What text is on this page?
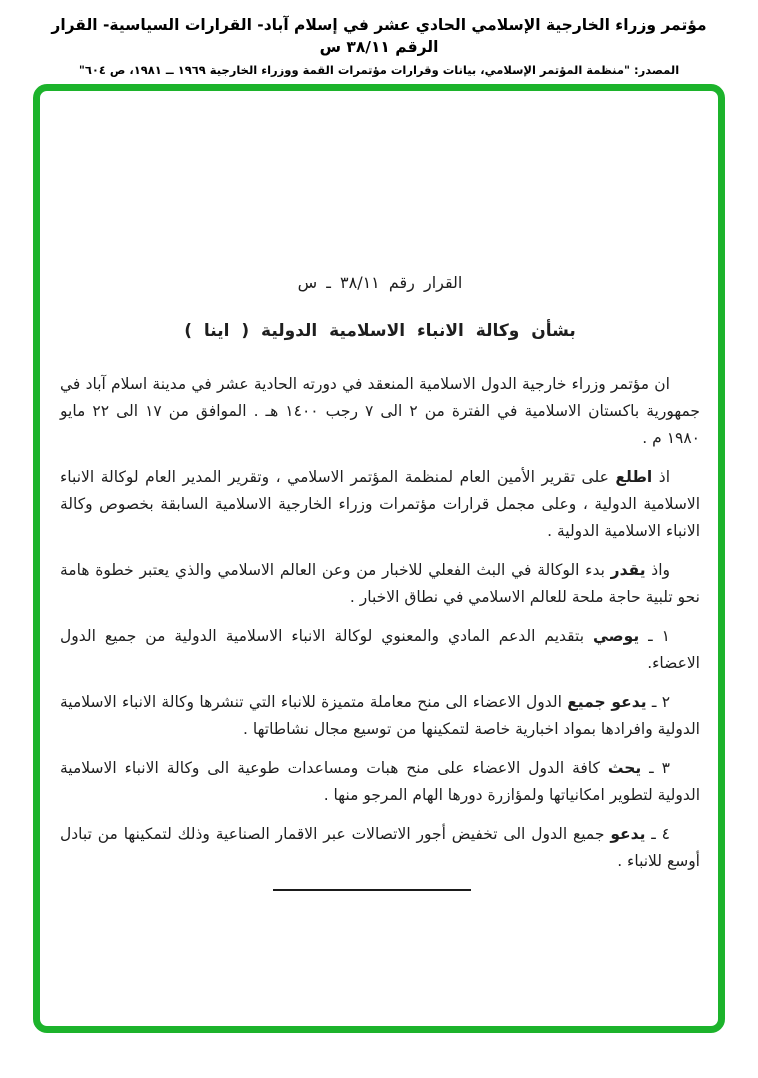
مؤتمر وزراء الخارجية الإسلامي الحادي عشر في إسلام آباد- القرارات السياسية- القرار الرقم ٣٨/١١ س
المصدر: "منظمة المؤتمر الإسلامي، بيانات وقرارات مؤتمرات القمة ووزراء الخارجية ١٩٦٩ ــ ١٩٨١، ص ٦٠٤"
القرار رقم ٣٨/١١ ـ س
بشأن وكالة الانباء الاسلامية الدولية ( اينا )

ان مؤتمر وزراء خارجية الدول الاسلامية المنعقد في دورته الحادية عشر في مدينة اسلام آباد في جمهورية باكستان الاسلامية في الفترة من ٢ الى ٧ رجب ١٤٠٠ هـ . الموافق من ١٧ الى ٢٢ مايو ١٩٨٠ م .

اذ اطلع على تقرير الأمين العام لمنظمة المؤتمر الاسلامي ، وتقرير المدير العام لوكالة الانباء الاسلامية الدولية ، وعلى مجمل قرارات مؤتمرات وزراء الخارجية الاسلامية السابقة بخصوص وكالة الانباء الاسلامية الدولية .

واذ يقدر بدء الوكالة في البث الفعلي للاخبار من وعن العالم الاسلامي والذي يعتبر خطوة هامة نحو تلبية حاجة ملحة للعالم الاسلامي في نطاق الاخبار .

١ ـ يوصي بتقديم الدعم المادي والمعنوي لوكالة الانباء الاسلامية الدولية من جميع الدول الاعضاء.

٢ ـ يدعو جميع الدول الاعضاء الى منح معاملة متميزة للانباء التي تنشرها وكالة الانباء الاسلامية الدولية وافرادها بمواد اخبارية خاصة لتمكينها من توسيع مجال نشاطاتها .

٣ ـ يحث كافة الدول الاعضاء على منح هبات ومساعدات طوعية الى وكالة الانباء الاسلامية الدولية لتطوير امكانياتها ولمؤازرة دورها الهام المرجو منها .

٤ ـ يدعو جميع الدول الى تخفيض أجور الاتصالات عبر الاقمار الصناعية وذلك لتمكينها من تبادل أوسع للانباء .
